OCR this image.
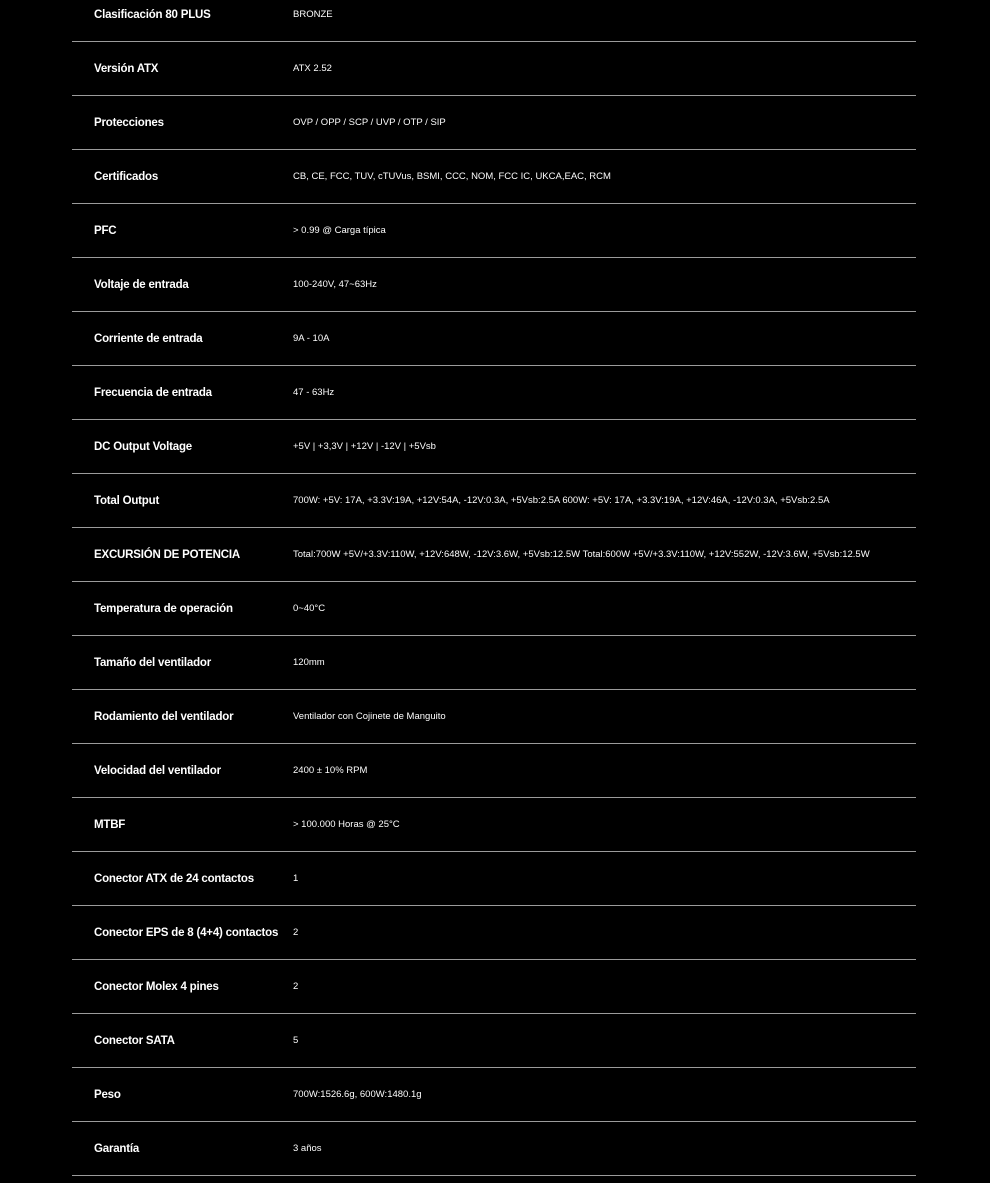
Clasificación 80 PLUS	BRONZE
Versión ATX	ATX 2.52
Protecciones	OVP / OPP / SCP / UVP / OTP / SIP
Certificados	CB, CE, FCC, TUV, cTUVus, BSMI, CCC, NOM, FCC IC, UKCA,EAC, RCM
PFC	> 0.99 @ Carga típica
Voltaje de entrada	100-240V, 47~63Hz
Corriente de entrada	9A - 10A
Frecuencia de entrada	47 - 63Hz
DC Output Voltage	+5V | +3,3V | +12V | -12V | +5Vsb
Total Output	700W: +5V: 17A, +3.3V:19A, +12V:54A, -12V:0.3A, +5Vsb:2.5A 600W: +5V: 17A, +3.3V:19A, +12V:46A, -12V:0.3A, +5Vsb:2.5A
EXCURSIÓN DE POTENCIA	Total:700W +5V/+3.3V:110W, +12V:648W, -12V:3.6W, +5Vsb:12.5W Total:600W +5V/+3.3V:110W, +12V:552W, -12V:3.6W, +5Vsb:12.5W
Temperatura de operación	0~40°C
Tamaño del ventilador	120mm
Rodamiento del ventilador	Ventilador con Cojinete de Manguito
Velocidad del ventilador	2400 ± 10% RPM
MTBF	> 100.000 Horas @ 25°C
Conector ATX de 24 contactos	1
Conector EPS de 8 (4+4) contactos	2
Conector Molex 4 pines	2
Conector SATA	5
Peso	700W:1526.6g, 600W:1480.1g
Garantía	3 años
